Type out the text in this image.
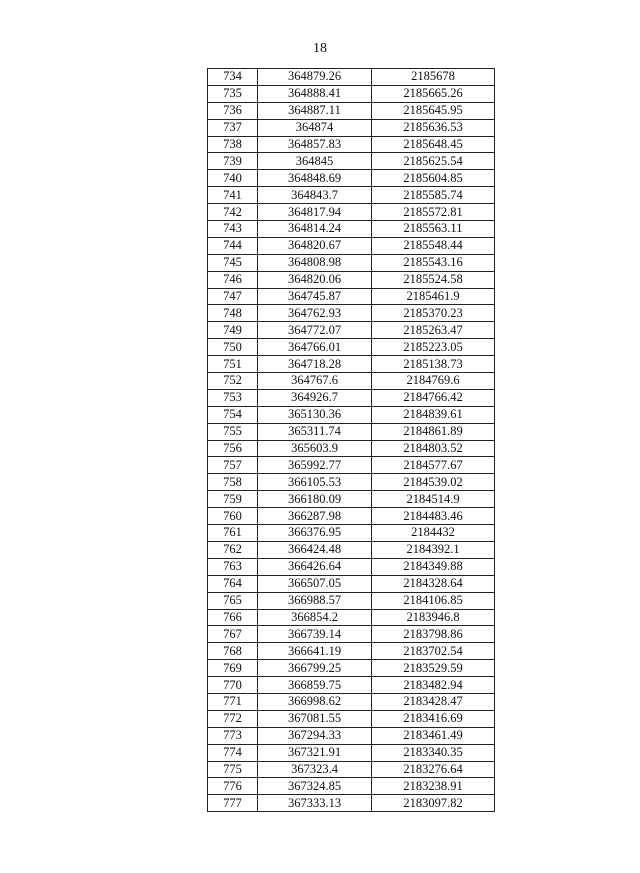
18
734	364879.26	2185678
735	364888.41	2185665.26
736	364887.11	2185645.95
737	364874	2185636.53
738	364857.83	2185648.45
739	364845	2185625.54
740	364848.69	2185604.85
741	364843.7	2185585.74
742	364817.94	2185572.81
743	364814.24	2185563.11
744	364820.67	2185548.44
745	364808.98	2185543.16
746	364820.06	2185524.58
747	364745.87	2185461.9
748	364762.93	2185370.23
749	364772.07	2185263.47
750	364766.01	2185223.05
751	364718.28	2185138.73
752	364767.6	2184769.6
753	364926.7	2184766.42
754	365130.36	2184839.61
755	365311.74	2184861.89
756	365603.9	2184803.52
757	365992.77	2184577.67
758	366105.53	2184539.02
759	366180.09	2184514.9
760	366287.98	2184483.46
761	366376.95	2184432
762	366424.48	2184392.1
763	366426.64	2184349.88
764	366507.05	2184328.64
765	366988.57	2184106.85
766	366854.2	2183946.8
767	366739.14	2183798.86
768	366641.19	2183702.54
769	366799.25	2183529.59
770	366859.75	2183482.94
771	366998.62	2183428.47
772	367081.55	2183416.69
773	367294.33	2183461.49
774	367321.91	2183340.35
775	367323.4	2183276.64
776	367324.85	2183238.91
777	367333.13	2183097.82
